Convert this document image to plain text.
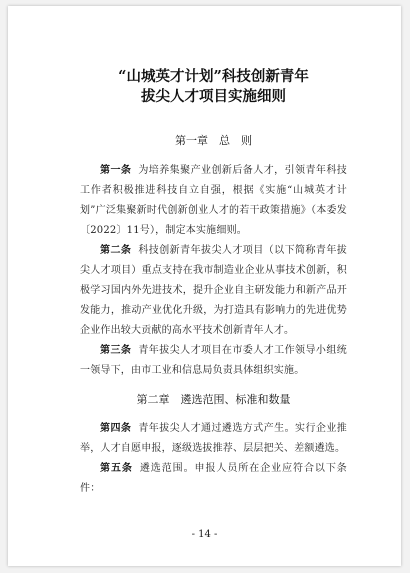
“山城英才计划”科技创新青年

拔尖人才项目实施细则

第一章　总　则

第一条 为培养集聚产业创新后备人才，引领青年科技工作者积极推进科技自立自强，根据《实施“山城英才计划”广泛集聚新时代创新创业人才的若干政策措施》（本委发〔2022〕11号），制定本实施细则。

第二条 科技创新青年拔尖人才项目（以下简称青年拔尖人才项目）重点支持在我市制造业企业从事技术创新，积极学习国内外先进技术，提升企业自主研发能力和新产品开发能力，推动产业优化升级，为打造具有影响力的先进优势企业作出较大贡献的高水平技术创新青年人才。

第三条 青年拔尖人才项目在市委人才工作领导小组统一领导下，由市工业和信息局负责具体组织实施。

第二章　遴选范围、标准和数量

第四条 青年拔尖人才通过遴选方式产生。实行企业推举，人才自愿申报，逐级选拔推荐、层层把关、差额遴选。

第五条 遴选范围。申报人员所在企业应符合以下条件：

- 14 -
